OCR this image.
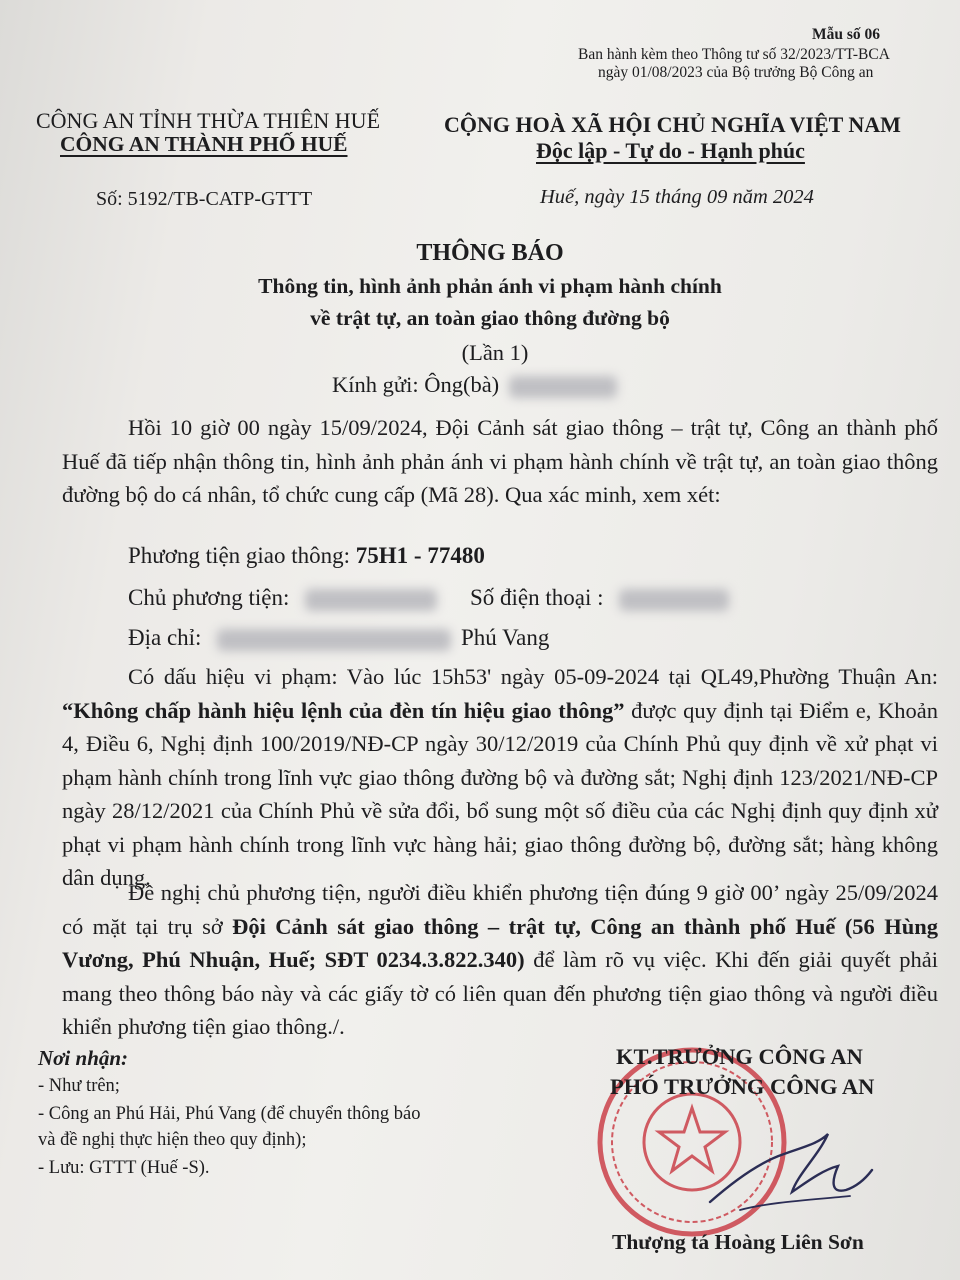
Mẫu số 06
Ban hành kèm theo Thông tư số 32/2023/TT-BCA
ngày 01/08/2023 của Bộ trưởng Bộ Công an
CÔNG AN TỈNH THỪA THIÊN HUẾ
CÔNG AN THÀNH PHỐ HUẾ
Số: 5192/TB-CATP-GTTT
CỘNG HOÀ XÃ HỘI CHỦ NGHĨA VIỆT NAM
Độc lập - Tự do - Hạnh phúc
Huế, ngày 15 tháng 09 năm 2024
THÔNG BÁO
Thông tin, hình ảnh phản ánh vi phạm hành chính
về trật tự, an toàn giao thông đường bộ
(Lần 1)
Kính gửi: Ông(bà)
Hồi 10 giờ 00 ngày 15/09/2024, Đội Cảnh sát giao thông – trật tự, Công an thành phố Huế đã tiếp nhận thông tin, hình ảnh phản ánh vi phạm hành chính về trật tự, an toàn giao thông đường bộ do cá nhân, tổ chức cung cấp (Mã 28). Qua xác minh, xem xét:
Phương tiện giao thông: 75H1 - 77480
Chủ phương tiện:	Số điện thoại :
Địa chỉ:	Phú Vang
Có dấu hiệu vi phạm: Vào lúc 15h53' ngày 05-09-2024 tại QL49,Phường Thuận An: “Không chấp hành hiệu lệnh của đèn tín hiệu giao thông” được quy định tại Điểm e, Khoản 4, Điều 6, Nghị định 100/2019/NĐ-CP ngày 30/12/2019 của Chính Phủ quy định về xử phạt vi phạm hành chính trong lĩnh vực giao thông đường bộ và đường sắt; Nghị định 123/2021/NĐ-CP ngày 28/12/2021 của Chính Phủ về sửa đổi, bổ sung một số điều của các Nghị định quy định xử phạt vi phạm hành chính trong lĩnh vực hàng hải; giao thông đường bộ, đường sắt; hàng không dân dụng.
Đề nghị chủ phương tiện, người điều khiển phương tiện đúng 9 giờ 00’ ngày 25/09/2024 có mặt tại trụ sở Đội Cảnh sát giao thông – trật tự, Công an thành phố Huế (56 Hùng Vương, Phú Nhuận, Huế; SĐT 0234.3.822.340) để làm rõ vụ việc. Khi đến giải quyết phải mang theo thông báo này và các giấy tờ có liên quan đến phương tiện giao thông và người điều khiển phương tiện giao thông./.
Nơi nhận:
- Như trên;
- Công an Phú Hải, Phú Vang (để chuyển thông báo
và đề nghị thực hiện theo quy định);
- Lưu: GTTT (Huế -S).
KT.TRƯỞNG CÔNG AN
PHÓ TRƯỞNG CÔNG AN
Thượng tá Hoàng Liên Sơn
